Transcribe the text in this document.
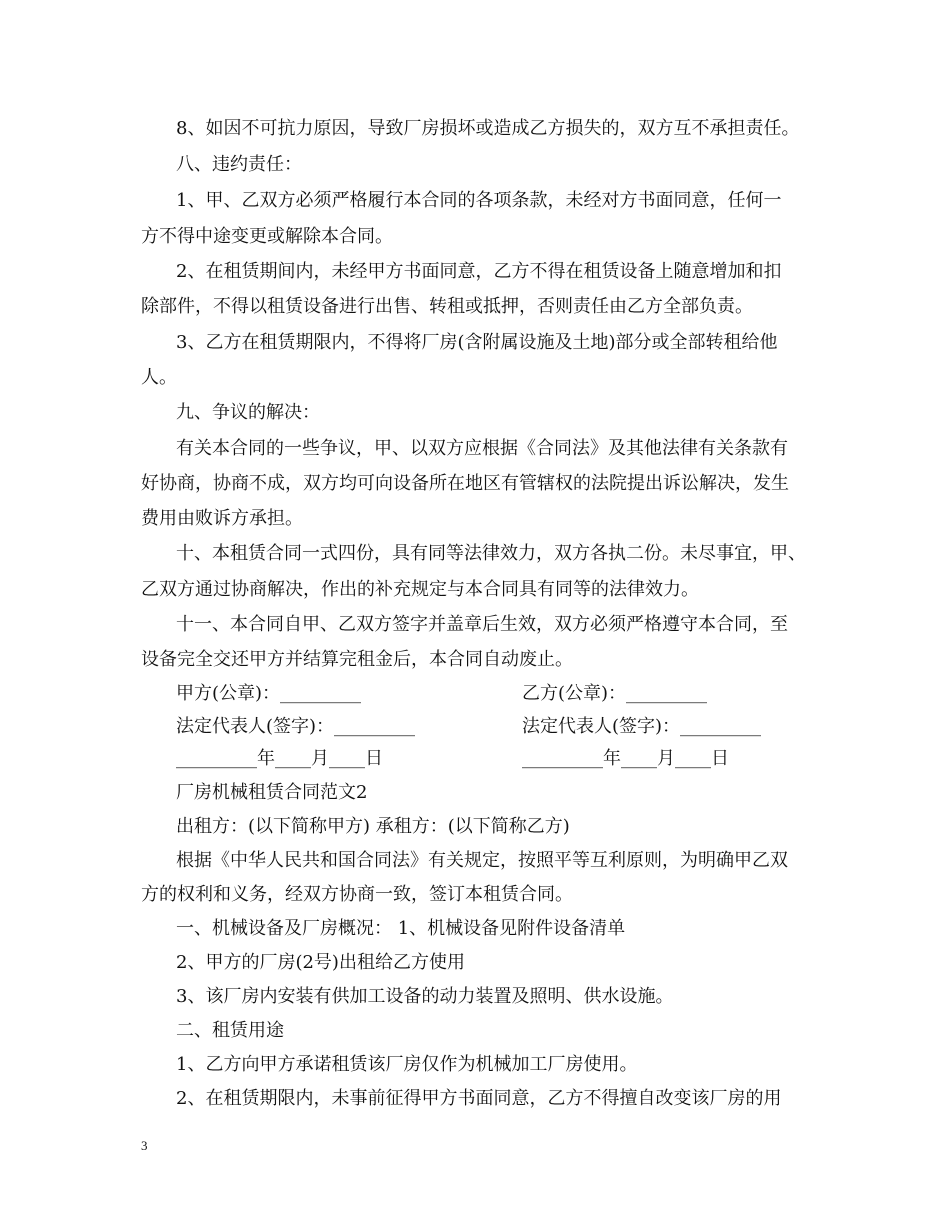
8、如因不可抗力原因，导致厂房损坏或造成乙方损失的，双方互不承担责任。
八、违约责任：
1、甲、乙双方必须严格履行本合同的各项条款，未经对方书面同意，任何一
方不得中途变更或解除本合同。
2、在租赁期间内，未经甲方书面同意，乙方不得在租赁设备上随意增加和扣
除部件，不得以租赁设备进行出售、转租或抵押，否则责任由乙方全部负责。
3、乙方在租赁期限内，不得将厂房(含附属设施及土地)部分或全部转租给他
人。
九、争议的解决：
有关本合同的一些争议，甲、以双方应根据《合同法》及其他法律有关条款有
好协商，协商不成，双方均可向设备所在地区有管辖权的法院提出诉讼解决，发生
费用由败诉方承担。
十、本租赁合同一式四份，具有同等法律效力，双方各执二份。未尽事宜，甲、
乙双方通过协商解决，作出的补充规定与本合同具有同等的法律效力。
十一、本合同自甲、乙双方签字并盖章后生效，双方必须严格遵守本合同，至
设备完全交还甲方并结算完租金后，本合同自动废止。
甲方(公章)：_________	乙方(公章)：_________
法定代表人(签字)：_________	法定代表人(签字)：_________
_________年____月____日	_________年____月____日
厂房机械租赁合同范文2
出租方：(以下简称甲方) 承租方：(以下简称乙方)
根据《中华人民共和国合同法》有关规定，按照平等互利原则，为明确甲乙双
方的权利和义务，经双方协商一致，签订本租赁合同。
一、机械设备及厂房概况： 1、机械设备见附件设备清单
2、甲方的厂房(2号)出租给乙方使用
3、该厂房内安装有供加工设备的动力装置及照明、供水设施。
二、租赁用途
1、乙方向甲方承诺租赁该厂房仅作为机械加工厂房使用。
2、在租赁期限内，未事前征得甲方书面同意，乙方不得擅自改变该厂房的用
3
